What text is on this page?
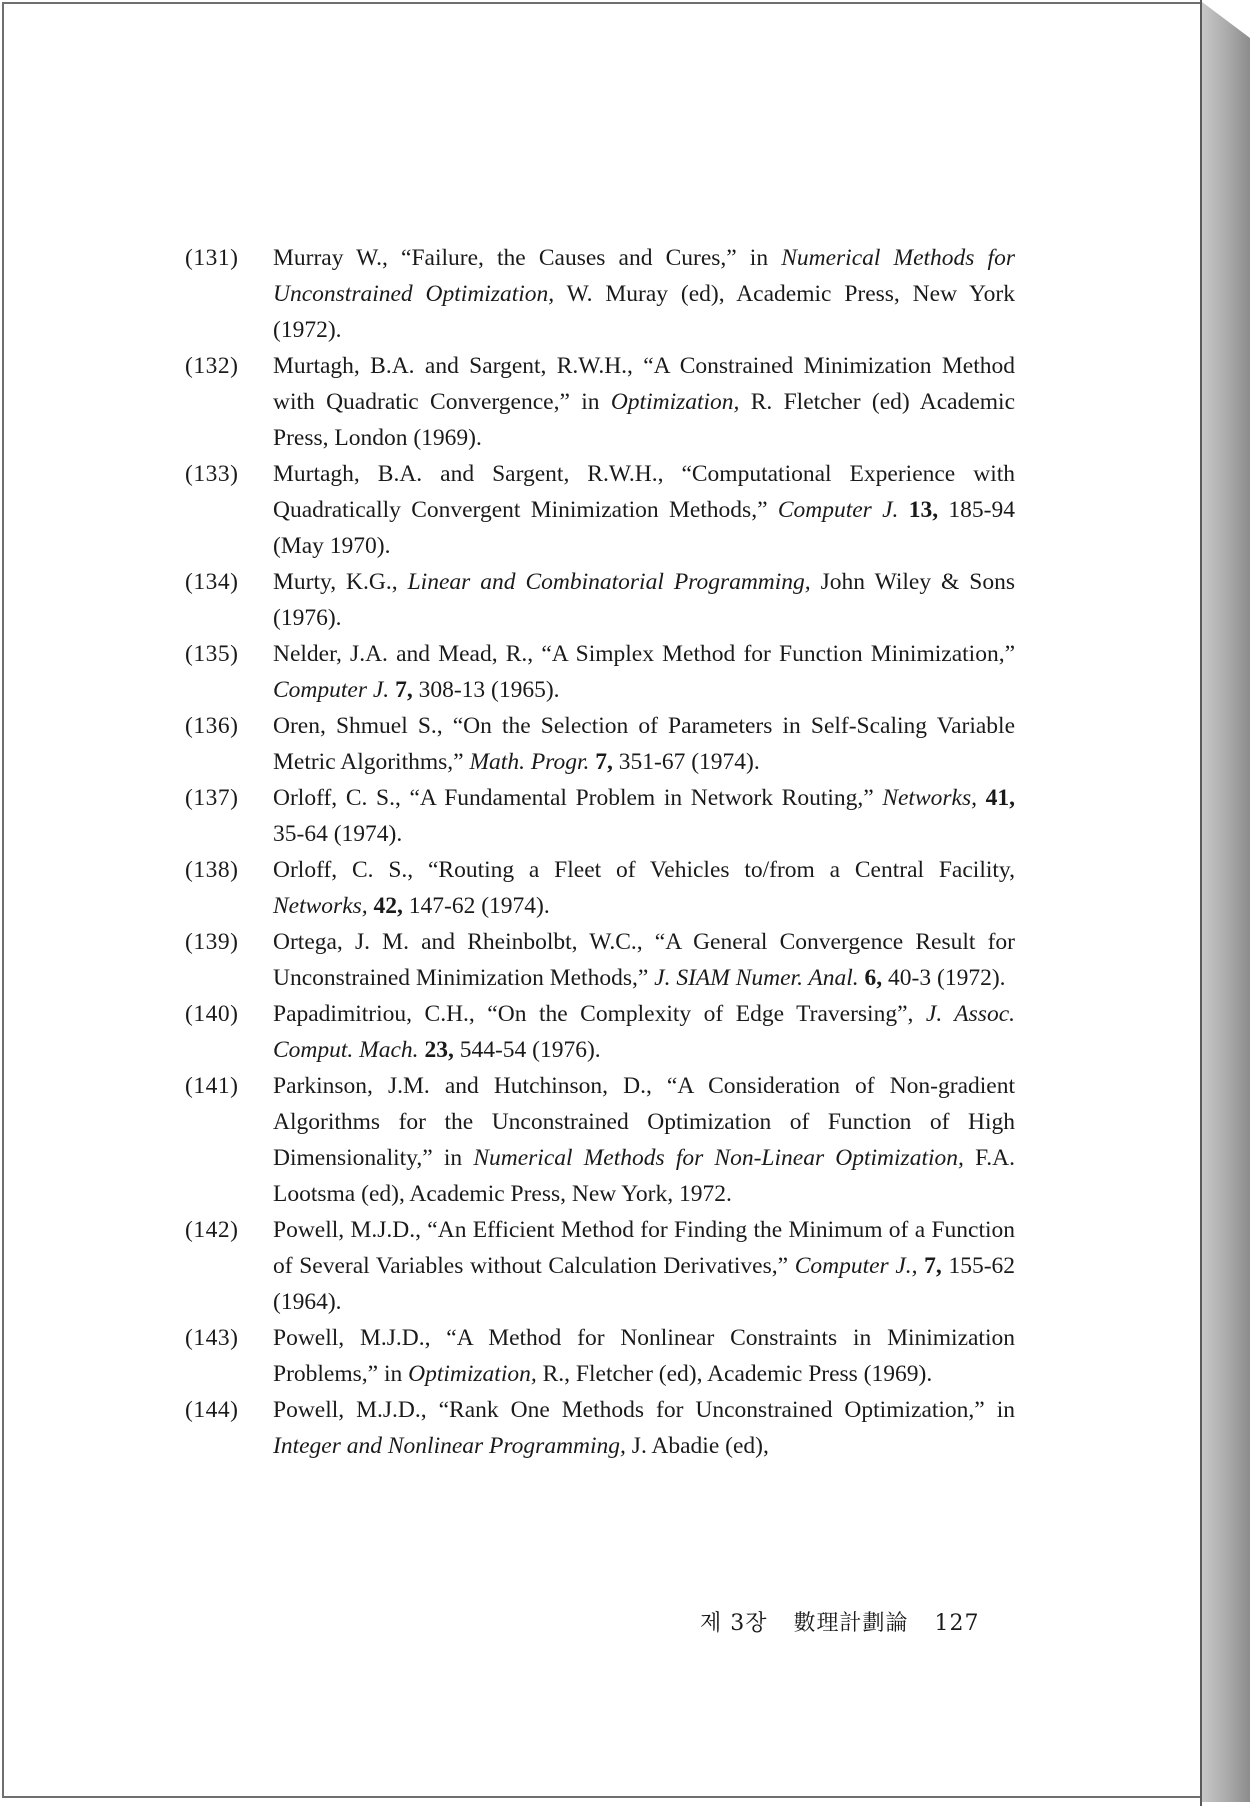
(131)	Murray W., “Failure, the Causes and Cures,” in Numerical Methods for Unconstrained Optimization, W. Muray (ed), Academic Press, New York (1972).
(132)	Murtagh, B.A. and Sargent, R.W.H., “A Constrained Minimization Method with Quadratic Convergence,” in Optimization, R. Fletcher (ed) Academic Press, London (1969).
(133)	Murtagh, B.A. and Sargent, R.W.H., “Computational Experience with Quadratically Convergent Minimization Methods,” Computer J. 13, 185-94 (May 1970).
(134)	Murty, K.G., Linear and Combinatorial Programming, John Wiley & Sons (1976).
(135)	Nelder, J.A. and Mead, R., “A Simplex Method for Function Minimization,” Computer J. 7, 308-13 (1965).
(136)	Oren, Shmuel S., “On the Selection of Parameters in Self-Scaling Variable Metric Algorithms,” Math. Progr. 7, 351-67 (1974).
(137)	Orloff, C. S., “A Fundamental Problem in Network Routing,” Networks, 41, 35-64 (1974).
(138)	Orloff, C. S., “Routing a Fleet of Vehicles to/from a Central Facility, Networks, 42, 147-62 (1974).
(139)	Ortega, J. M. and Rheinbolbt, W.C., “A General Convergence Result for Unconstrained Minimization Methods,” J. SIAM Numer. Anal. 6, 40-3 (1972).
(140)	Papadimitriou, C.H., “On the Complexity of Edge Traversing”, J. Assoc. Comput. Mach. 23, 544-54 (1976).
(141)	Parkinson, J.M. and Hutchinson, D., “A Consideration of Non-gradient Algorithms for the Unconstrained Optimization of Function of High Dimensionality,” in Numerical Methods for Non-Linear Optimization, F.A. Lootsma (ed), Academic Press, New York, 1972.
(142)	Powell, M.J.D., “An Efficient Method for Finding the Minimum of a Function of Several Variables without Calculation Derivatives,” Computer J., 7, 155-62 (1964).
(143)	Powell, M.J.D., “A Method for Nonlinear Constraints in Minimization Problems,” in Optimization, R., Fletcher (ed), Academic Press (1969).
(144)	Powell, M.J.D., “Rank One Methods for Unconstrained Optimization,” in Integer and Nonlinear Programming, J. Abadie (ed),
제 3장 數理計劃論 127
